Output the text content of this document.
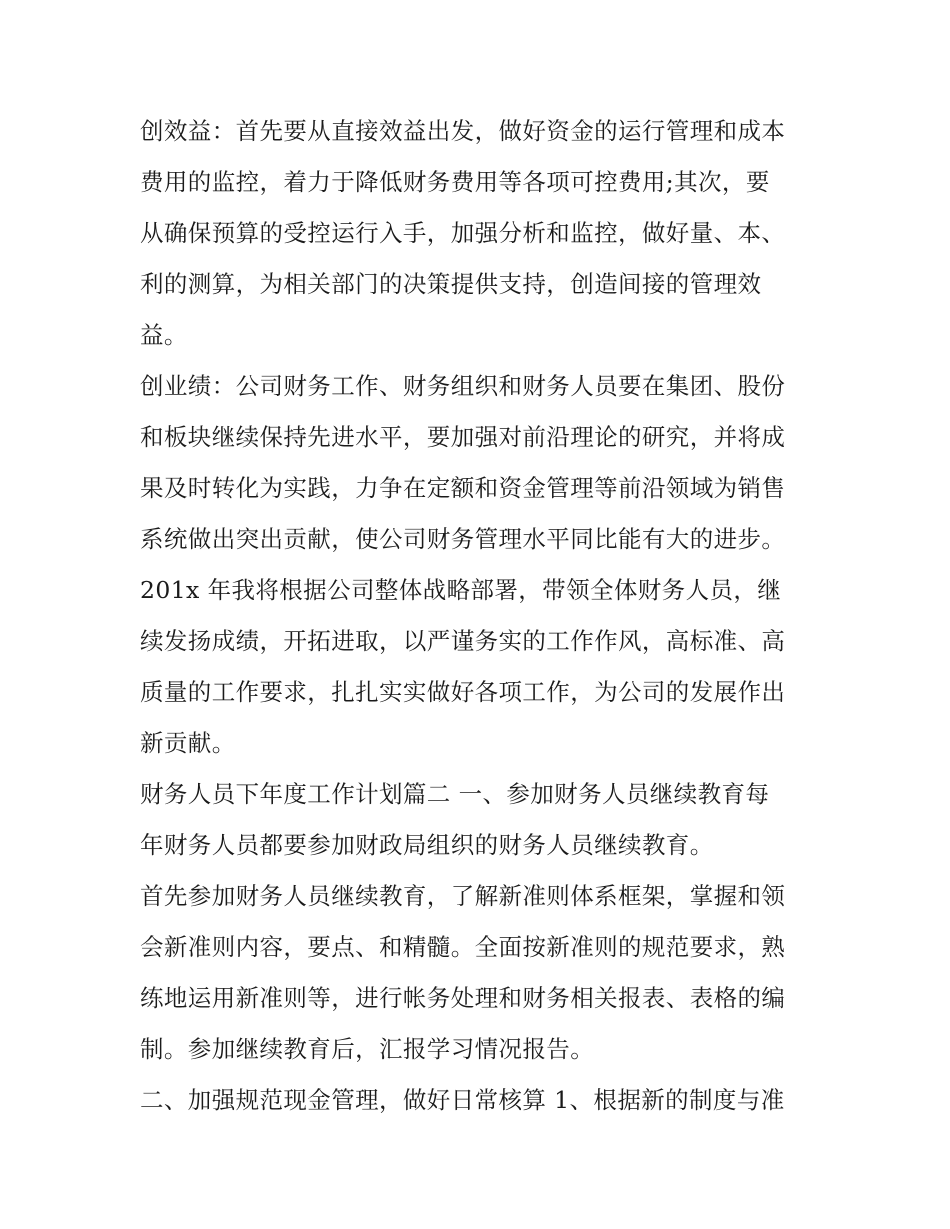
创效益：首先要从直接效益出发，做好资金的运行管理和成本
费用的监控，着力于降低财务费用等各项可控费用;其次，要
从确保预算的受控运行入手，加强分析和监控，做好量、本、
利的测算，为相关部门的决策提供支持，创造间接的管理效
益。
创业绩：公司财务工作、财务组织和财务人员要在集团、股份
和板块继续保持先进水平，要加强对前沿理论的研究，并将成
果及时转化为实践，力争在定额和资金管理等前沿领域为销售
系统做出突出贡献，使公司财务管理水平同比能有大的进步。
201x 年我将根据公司整体战略部署，带领全体财务人员，继
续发扬成绩，开拓进取，以严谨务实的工作作风，高标准、高
质量的工作要求，扎扎实实做好各项工作，为公司的发展作出
新贡献。
财务人员下年度工作计划篇二 一、参加财务人员继续教育每
年财务人员都要参加财政局组织的财务人员继续教育。
首先参加财务人员继续教育，了解新准则体系框架，掌握和领
会新准则内容，要点、和精髓。全面按新准则的规范要求，熟
练地运用新准则等，进行帐务处理和财务相关报表、表格的编
制。参加继续教育后，汇报学习情况报告。
二、加强规范现金管理，做好日常核算 1、根据新的制度与准
